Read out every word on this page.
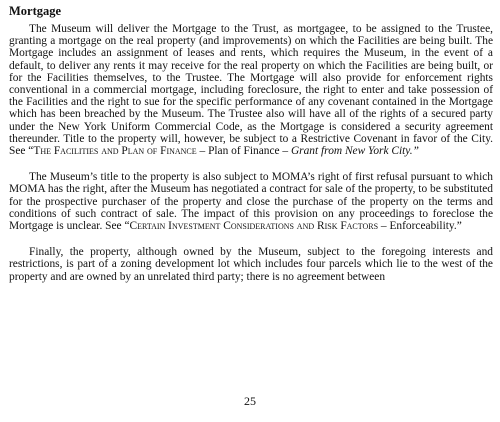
Mortgage

The Museum will deliver the Mortgage to the Trust, as mortgagee, to be assigned to the Trustee, granting a mortgage on the real property (and improvements) on which the Facilities are being built. The Mortgage includes an assignment of leases and rents, which requires the Museum, in the event of a default, to deliver any rents it may receive for the real property on which the Facilities are being built, or for the Facilities themselves, to the Trustee. The Mortgage will also provide for enforcement rights conventional in a commercial mortgage, including foreclosure, the right to enter and take possession of the Facilities and the right to sue for the specific performance of any covenant contained in the Mortgage which has been breached by the Museum. The Trustee also will have all of the rights of a secured party under the New York Uniform Commercial Code, as the Mortgage is considered a security agreement thereunder. Title to the property will, however, be subject to a Restrictive Covenant in favor of the City. See “The Facilities and Plan of Finance – Plan of Finance – Grant from New York City.”

The Museum’s title to the property is also subject to MOMA’s right of first refusal pursuant to which MOMA has the right, after the Museum has negotiated a contract for sale of the property, to be substituted for the prospective purchaser of the property and close the purchase of the property on the terms and conditions of such contract of sale. The impact of this provision on any proceedings to foreclose the Mortgage is unclear. See “Certain Investment Considerations and Risk Factors – Enforceability.”

Finally, the property, although owned by the Museum, subject to the foregoing interests and restrictions, is part of a zoning development lot which includes four parcels which lie to the west of the property and are owned by an unrelated third party; there is no agreement between

25
